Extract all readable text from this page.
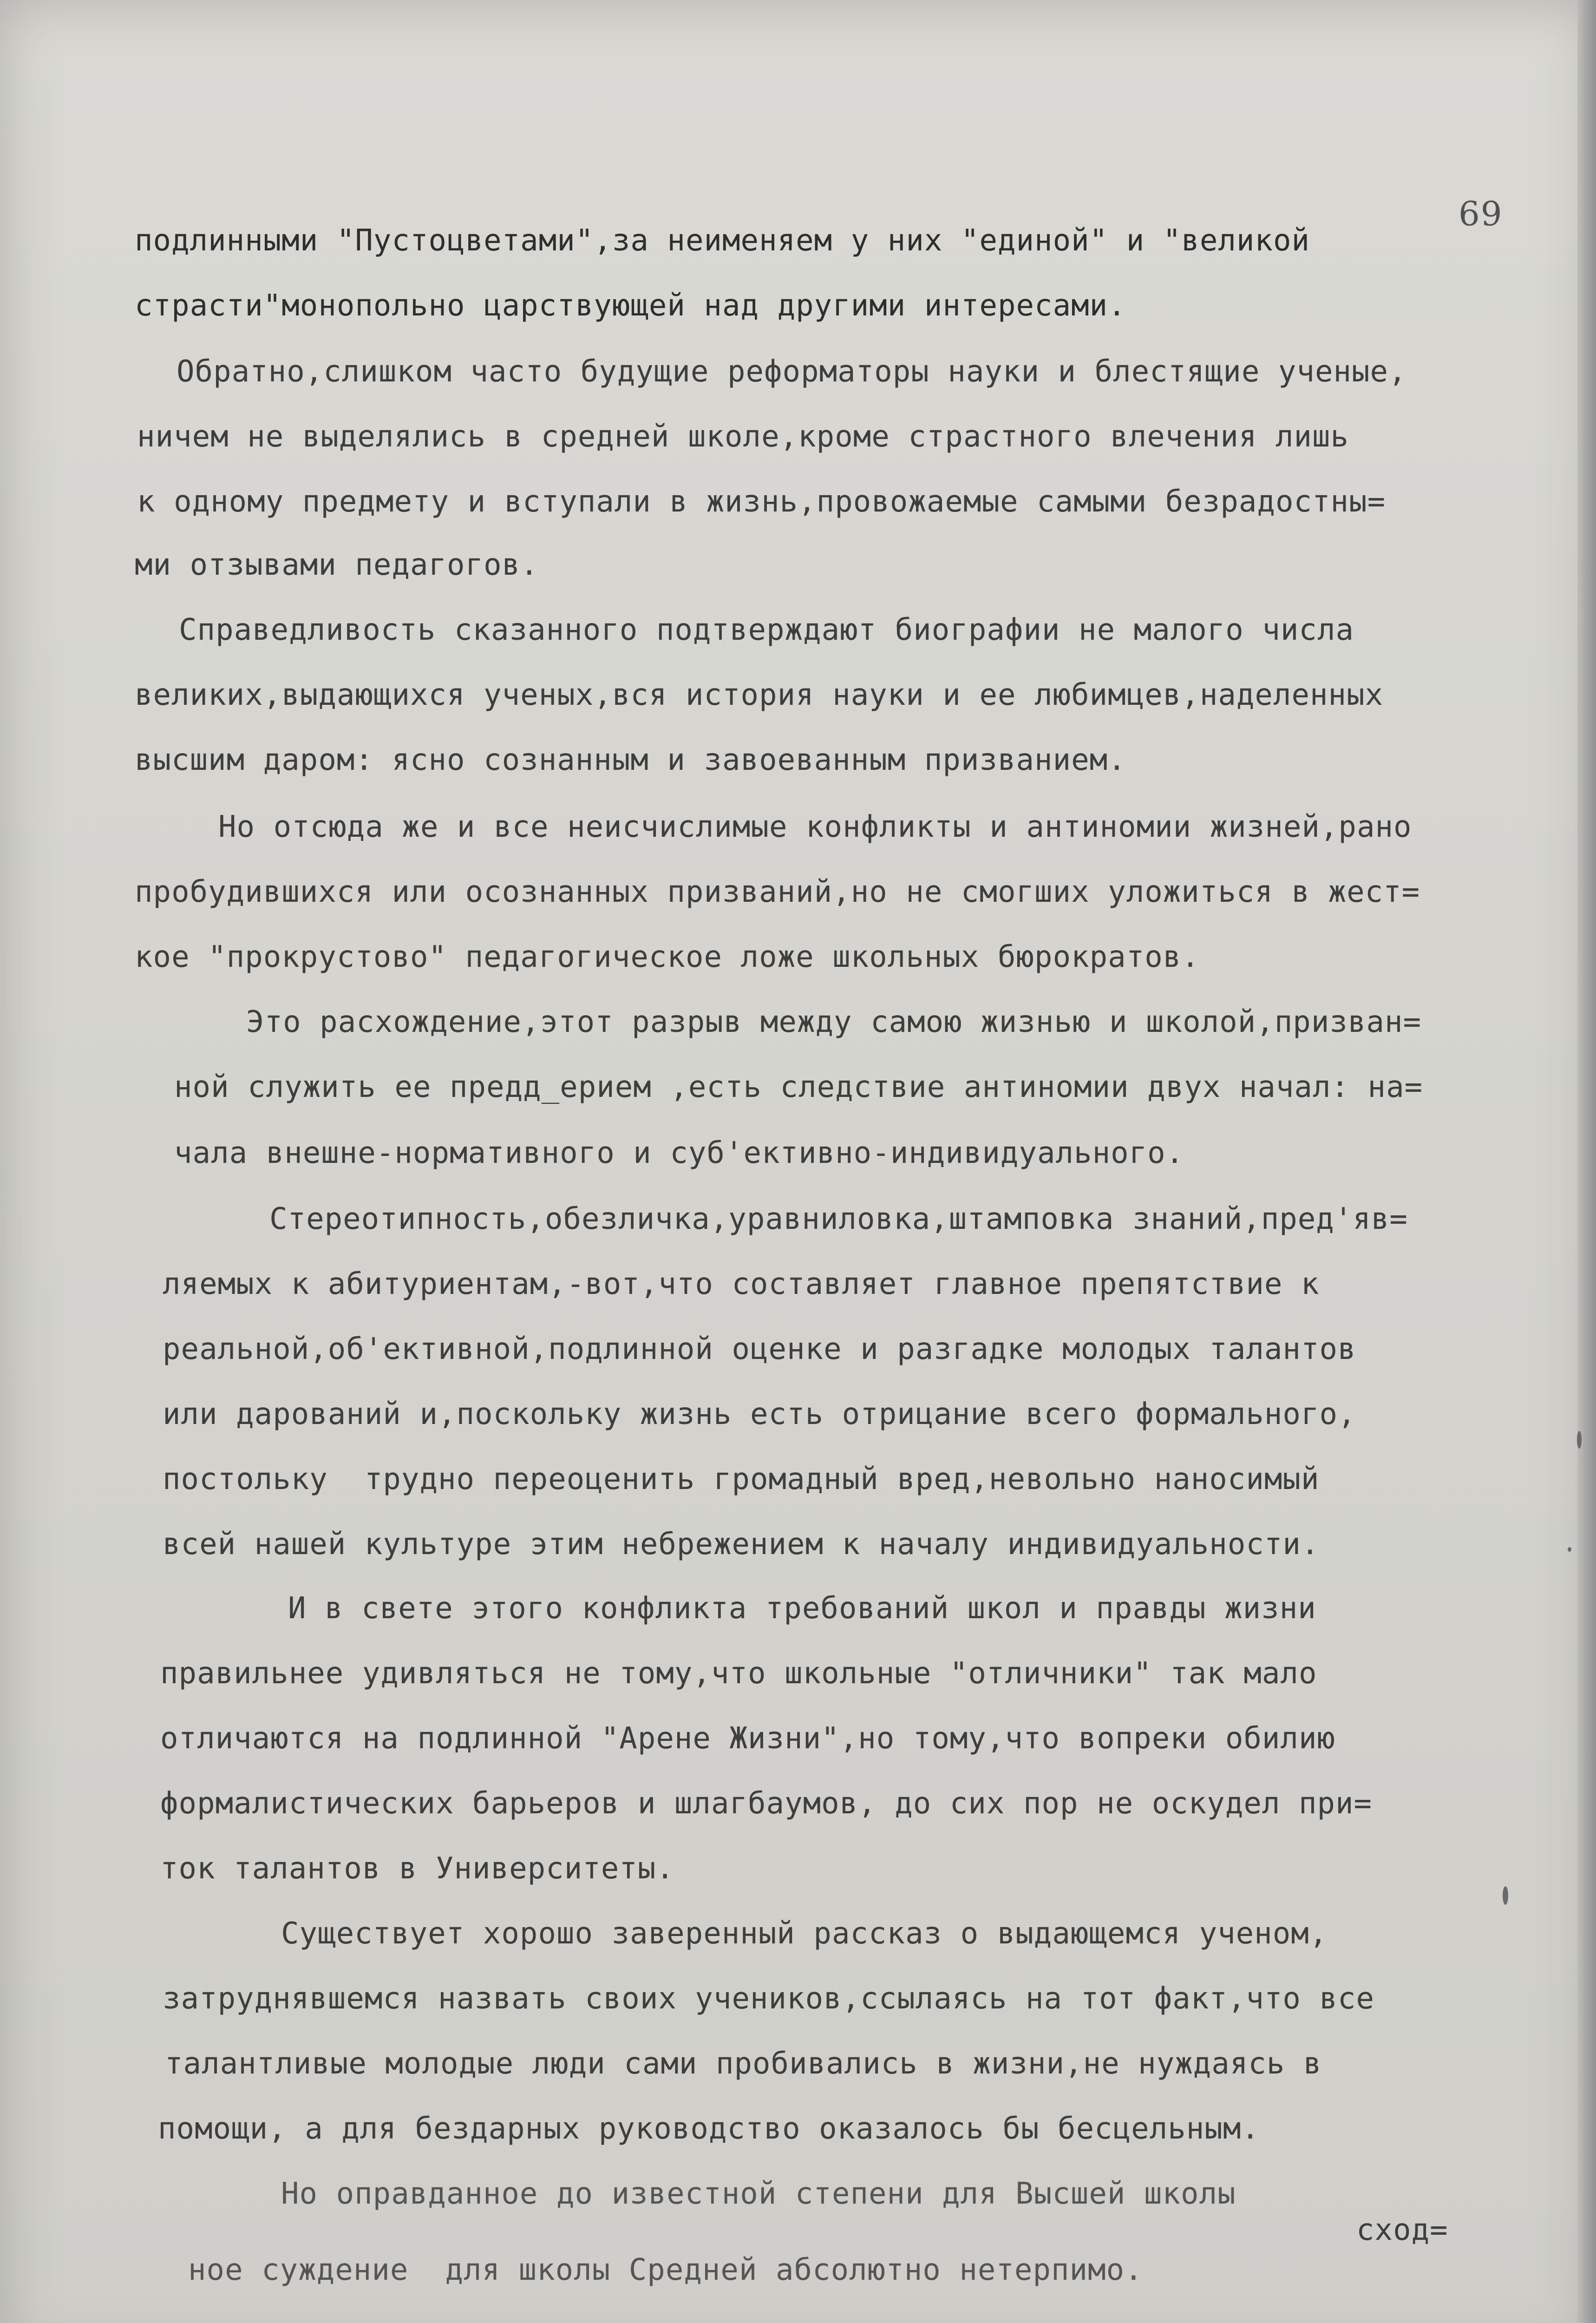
69
подлинными "Пустоцветами",за неименяем у них "единой" и "великой
страсти"монопольно царствующей над другими интересами.
Обратно,слишком часто будущие реформаторы науки и блестящие ученые,
ничем не выделялись в средней школе,кроме страстного влечения лишь
к одному предмету и вступали в жизнь,провожаемые самыми безрадостны=
ми отзывами педагогов.
Справедливость сказанного подтверждают биографии не малого числа
великих,выдающихся ученых,вся история науки и ее любимцев,наделенных
высшим даром: ясно сознанным и завоеванным призванием.
Но отсюда же и все неисчислимые конфликты и антиномии жизней,рано
пробудившихся или осознанных призваний,но не смогших уложиться в жест=
кое "прокрустово" педагогическое ложе школьных бюрократов.
Это расхождение,этот разрыв между самою жизнью и школой,призван=
ной служить ее предд_ерием ,есть следствие антиномии двух начал: на=
чала внешне-нормативного и суб'ективно-индивидуального.
Стереотипность,обезличка,уравниловка,штамповка знаний,пред'яв=
ляемых к абитуриентам,-вот,что составляет главное препятствие к
реальной,об'ективной,подлинной оценке и разгадке молодых талантов
или дарований и,поскольку жизнь есть отрицание всего формального,
постольку  трудно переоценить громадный вред,невольно наносимый
всей нашей культуре этим небрежением к началу индивидуальности.
И в свете этого конфликта требований школ и правды жизни
правильнее удивляться не тому,что школьные "отличники" так мало
отличаются на подлинной "Арене Жизни",но тому,что вопреки обилию
формалистических барьеров и шлагбаумов, до сих пор не оскудел при=
ток талантов в Университеты.
Существует хорошо заверенный рассказ о выдающемся ученом,
затруднявшемся назвать своих учеников,ссылаясь на тот факт,что все
талантливые молодые люди сами пробивались в жизни,не нуждаясь в
помощи, а для бездарных руководство оказалось бы бесцельным.
Но оправданное до известной степени для Высшей школы
сход=
ное суждение  для школы Средней абсолютно нетерпимо.
